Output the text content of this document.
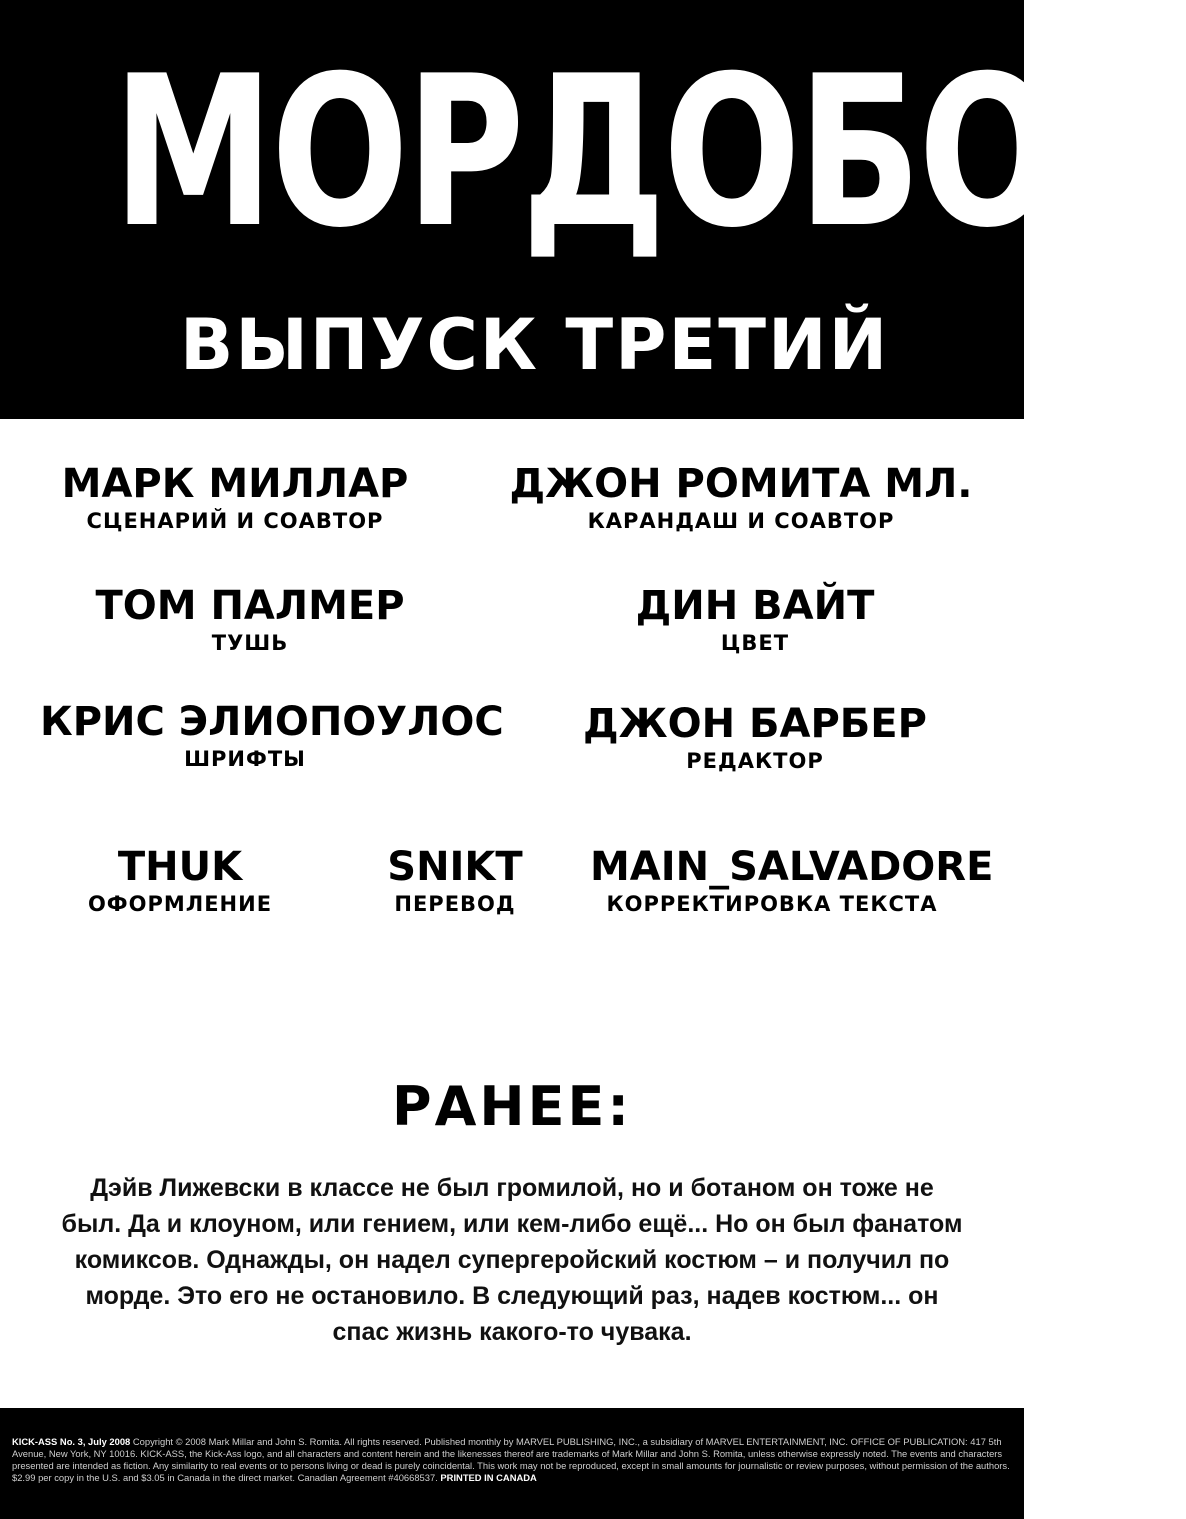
МОРДОБОЙ
ВЫПУСК ТРЕТИЙ
МАРК МИЛЛАР
СЦЕНАРИЙ И СОАВТОР
ДЖОН РОМИТА МЛ.
КАРАНДАШ И СОАВТОР
ТОМ ПАЛМЕР
ТУШЬ
ДИН ВАЙТ
ЦВЕТ
КРИС ЭЛИОПОУЛОС
ШРИФТЫ
ДЖОН БАРБЕР
РЕДАКТОР
THUK
ОФОРМЛЕНИЕ
SNIKT
ПЕРЕВОД
MAIN_SALVADORE
КОРРЕКТИРОВКА ТЕКСТА
РАНЕЕ:
Дэйв Лижевски в классе не был громилой, но и ботаном он тоже не был. Да и клоуном, или гением, или кем-либо ещё... Но он был фанатом комиксов. Однажды, он надел супергеройский костюм – и получил по морде. Это его не остановило. В следующий раз, надев костюм... он спас жизнь какого-то чувака.
KICK-ASS No. 3, July 2008 Copyright © 2008 Mark Millar and John S. Romita. All rights reserved. Published monthly by MARVEL PUBLISHING, INC., a subsidiary of MARVEL ENTERTAINMENT, INC. OFFICE OF PUBLICATION: 417 5th Avenue, New York, NY 10016. KICK-ASS, the Kick-Ass logo, and all characters and content herein and the likenesses thereof are trademarks of Mark Millar and John S. Romita, unless otherwise expressly noted. The events and characters presented are intended as fiction. Any similarity to real events or to persons living or dead is purely coincidental. This work may not be reproduced, except in small amounts for journalistic or review purposes, without permission of the authors. $2.99 per copy in the U.S. and $3.05 in Canada in the direct market. Canadian Agreement #40668537. PRINTED IN CANADA
